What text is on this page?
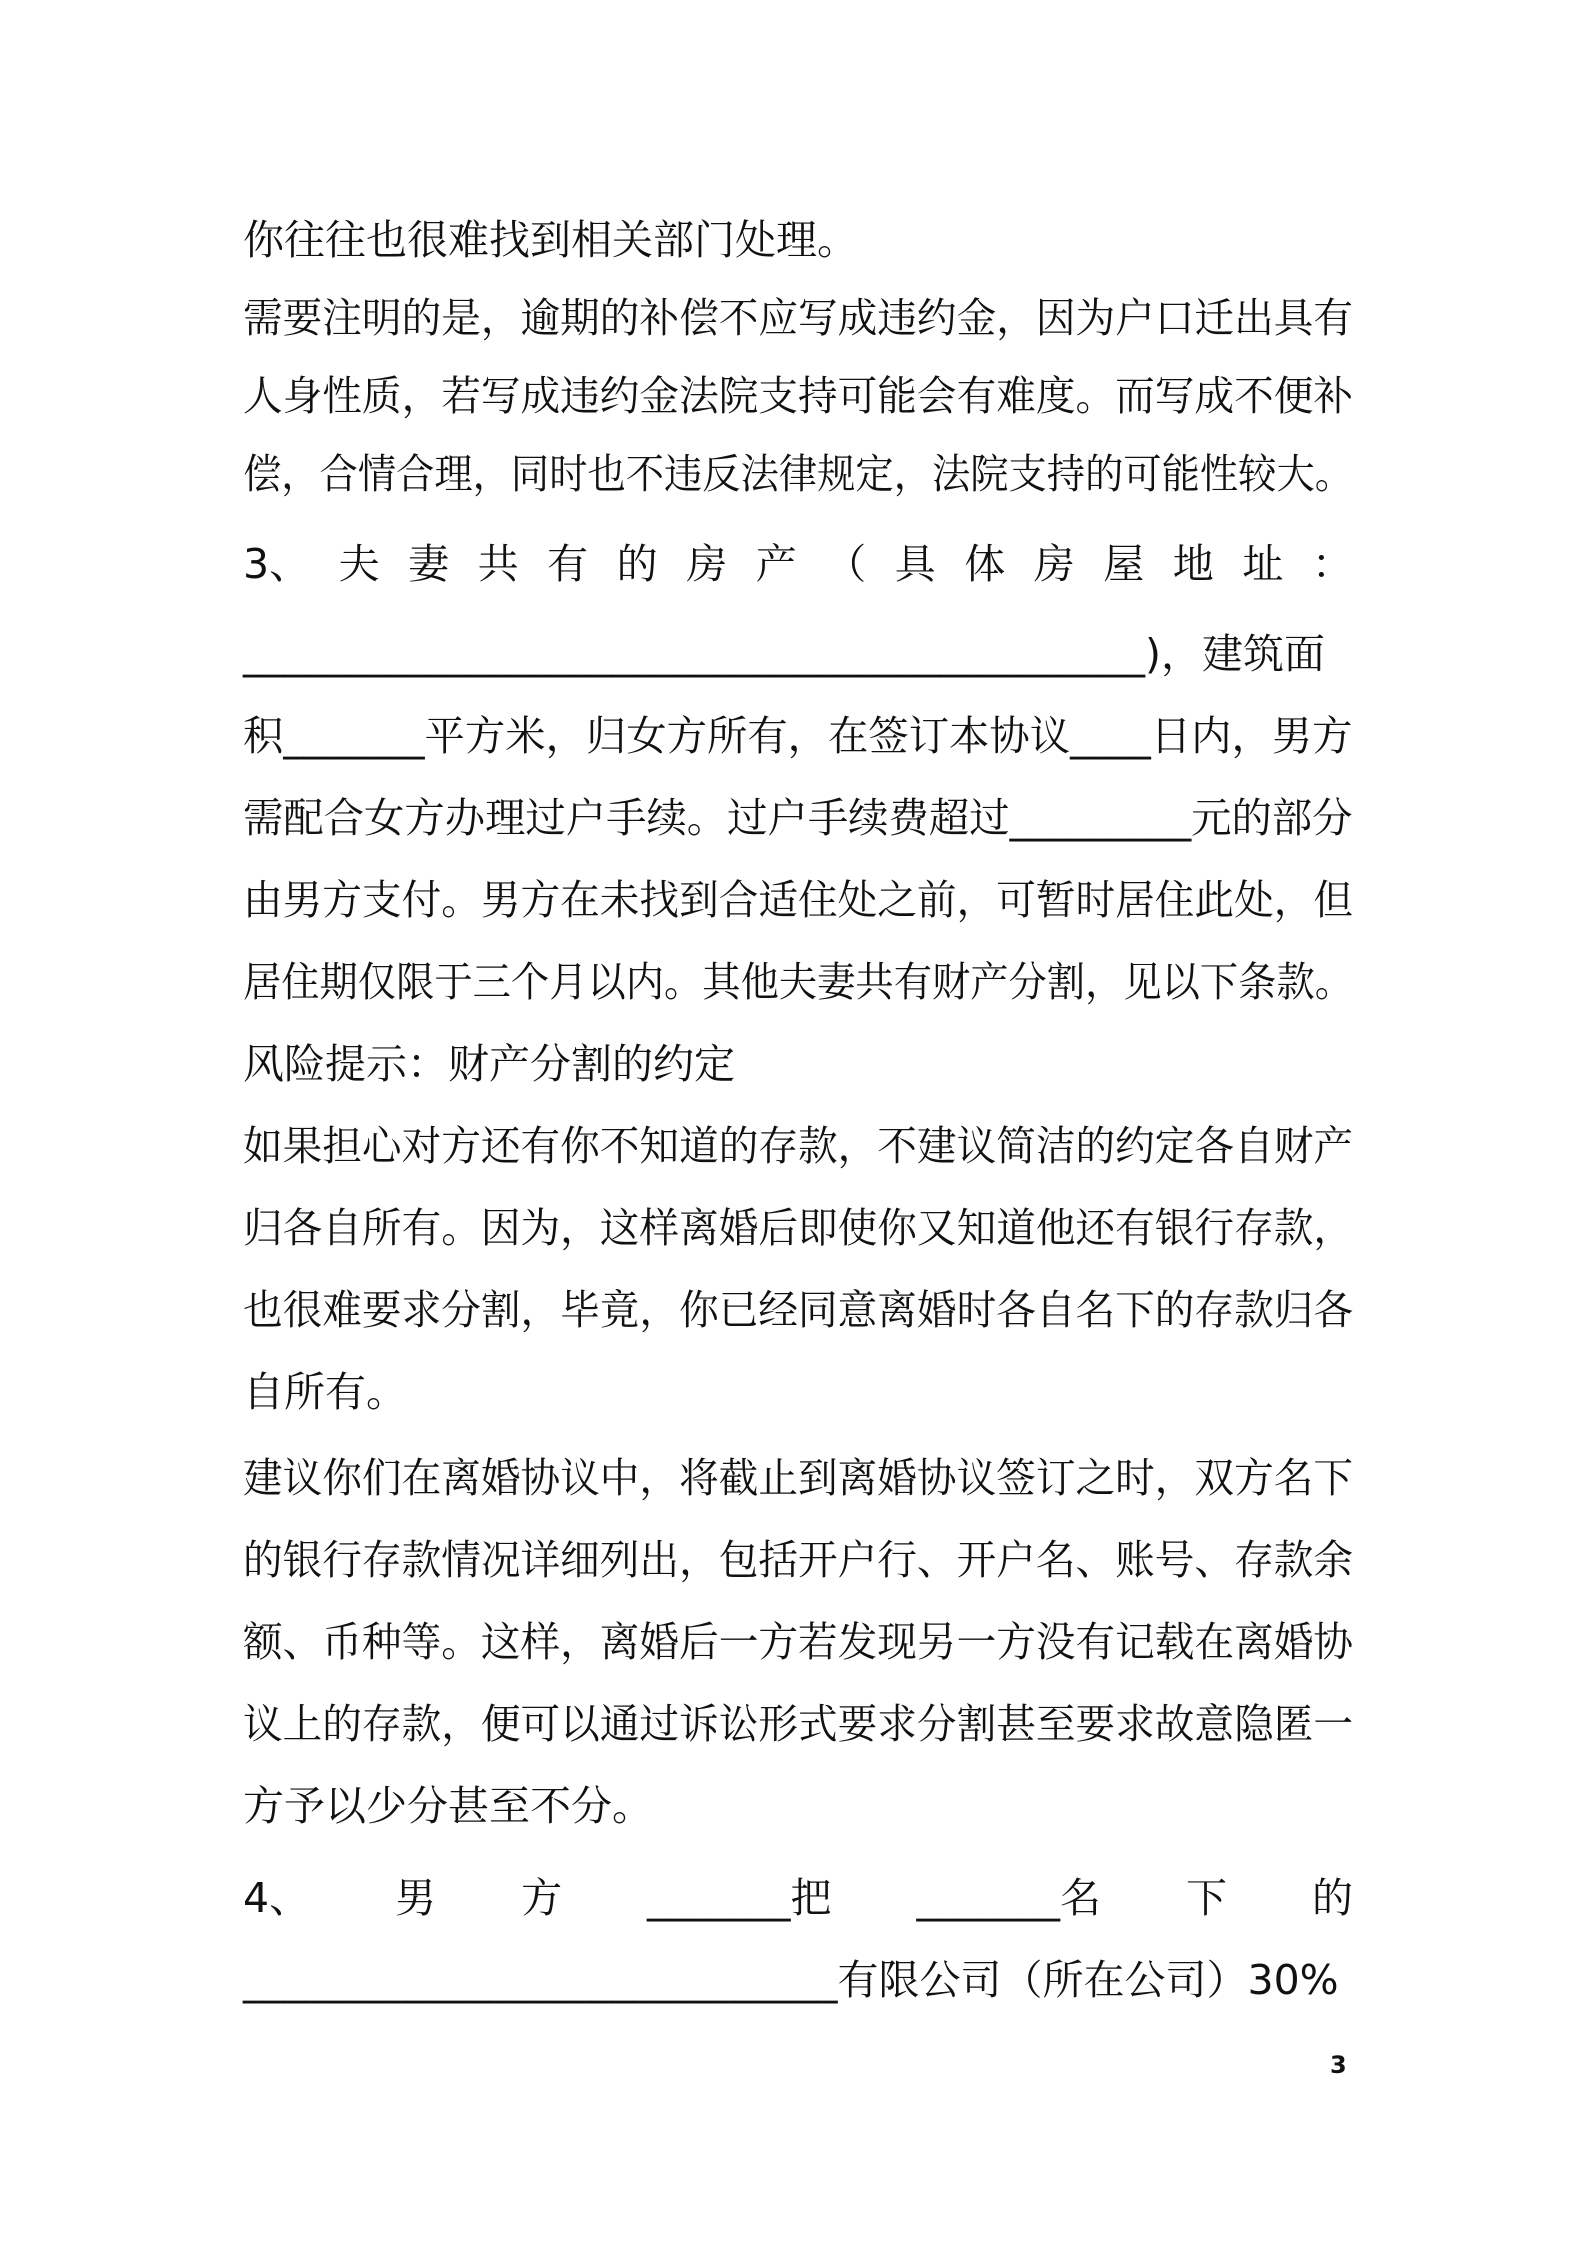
你往往也很难找到相关部门处理。
需要注明的是，逾期的补偿不应写成违约金，因为户口迁出具有
人身性质，若写成违约金法院支持可能会有难度。而写成不便补
偿，合情合理，同时也不违反法律规定，法院支持的可能性较大。
3、 夫 妻 共 有 的 房 产 （ 具 体 房 屋 地 址 ：
____________________________________________)，建筑面
积_______平方米，归女方所有，在签订本协议____日内，男方
需配合女方办理过户手续。过户手续费超过_________元的部分
由男方支付。男方在未找到合适住处之前，可暂时居住此处，但
居住期仅限于三个月以内。其他夫妻共有财产分割，见以下条款。
风险提示：财产分割的约定
如果担心对方还有你不知道的存款，不建议简洁的约定各自财产
归各自所有。因为，这样离婚后即使你又知道他还有银行存款，
也很难要求分割，毕竟，你已经同意离婚时各自名下的存款归各
自所有。
建议你们在离婚协议中，将截止到离婚协议签订之时，双方名下
的银行存款情况详细列出，包括开户行、开户名、账号、存款余
额、币种等。这样，离婚后一方若发现另一方没有记载在离婚协
议上的存款，便可以通过诉讼形式要求分割甚至要求故意隐匿一
方予以少分甚至不分。
4、 男 方 _______把 _______名 下 的
_____________________________有限公司（所在公司）30%
3
